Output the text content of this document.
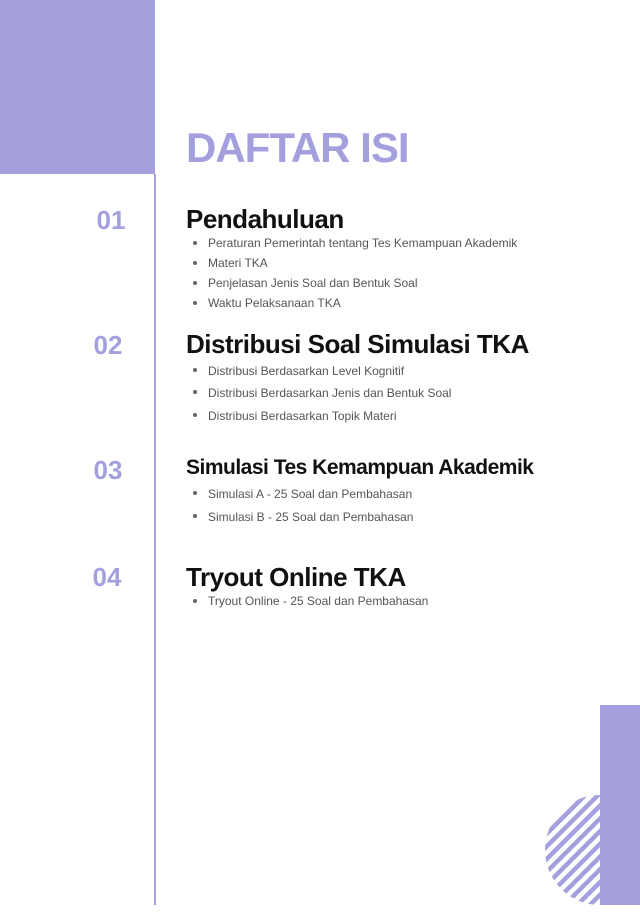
DAFTAR ISI
01	Pendahuluan
Peraturan Pemerintah tentang Tes Kemampuan Akademik
Materi TKA
Penjelasan Jenis Soal dan Bentuk Soal
Waktu Pelaksanaan TKA
02	Distribusi Soal Simulasi TKA
Distribusi Berdasarkan Level Kognitif
Distribusi Berdasarkan Jenis dan Bentuk Soal
Distribusi Berdasarkan Topik Materi
03	Simulasi Tes Kemampuan Akademik
Simulasi A - 25 Soal dan Pembahasan
Simulasi B - 25 Soal dan Pembahasan
04	Tryout Online TKA
Tryout Online - 25 Soal dan Pembahasan
